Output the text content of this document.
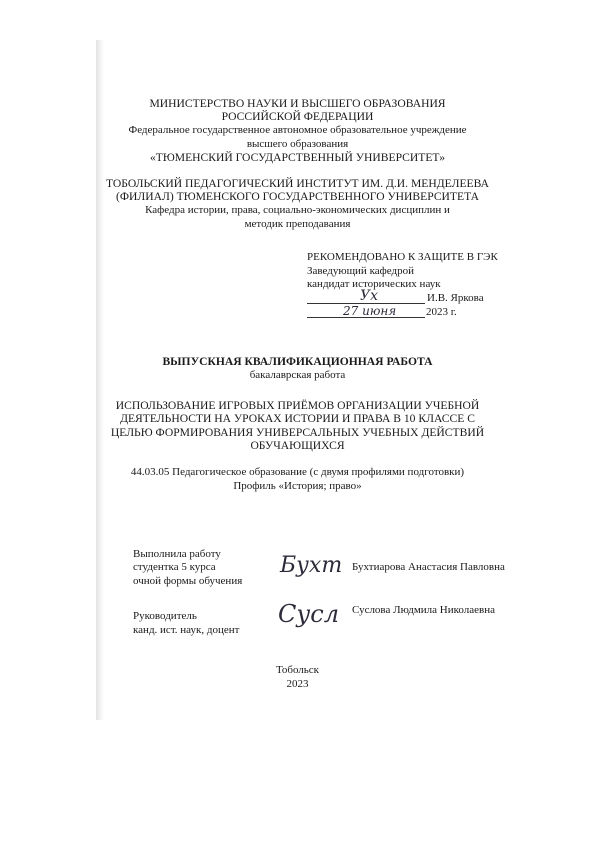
МИНИСТЕРСТВО НАУКИ И ВЫСШЕГО ОБРАЗОВАНИЯ

РОССИЙСКОЙ ФЕДЕРАЦИИ

Федеральное государственное автономное образовательное учреждение

высшего образования

«ТЮМЕНСКИЙ ГОСУДАРСТВЕННЫЙ УНИВЕРСИТЕТ»

ТОБОЛЬСКИЙ ПЕДАГОГИЧЕСКИЙ ИНСТИТУТ ИМ. Д.И. МЕНДЕЛЕЕВА

(ФИЛИАЛ) ТЮМЕНСКОГО ГОСУДАРСТВЕННОГО УНИВЕРСИТЕТА

Кафедра истории, права, социально-экономических дисциплин и

методик преподавания

РЕКОМЕНДОВАНО К ЗАЩИТЕ В ГЭК

Заведующий кафедрой

кандидат исторических наук

Ух	И.В. Яркова

27 июня	2023 г.

ВЫПУСКНАЯ КВАЛИФИКАЦИОННАЯ РАБОТА

бакалаврская работа

ИСПОЛЬЗОВАНИЕ ИГРОВЫХ ПРИЁМОВ ОРГАНИЗАЦИИ УЧЕБНОЙ

ДЕЯТЕЛЬНОСТИ НА УРОКАХ ИСТОРИИ И ПРАВА В 10 КЛАССЕ С

ЦЕЛЬЮ ФОРМИРОВАНИЯ УНИВЕРСАЛЬНЫХ УЧЕБНЫХ ДЕЙСТВИЙ

ОБУЧАЮЩИХСЯ

44.03.05 Педагогическое образование (с двумя профилями подготовки)

Профиль «История; право»

Выполнила работу

студентка 5 курса

очной формы обучения

Бухт Бухтиарова Анастасия Павловна

Руководитель

канд. ист. наук, доцент

Суcл Суслова Людмила Николаевна

Тобольск

2023
